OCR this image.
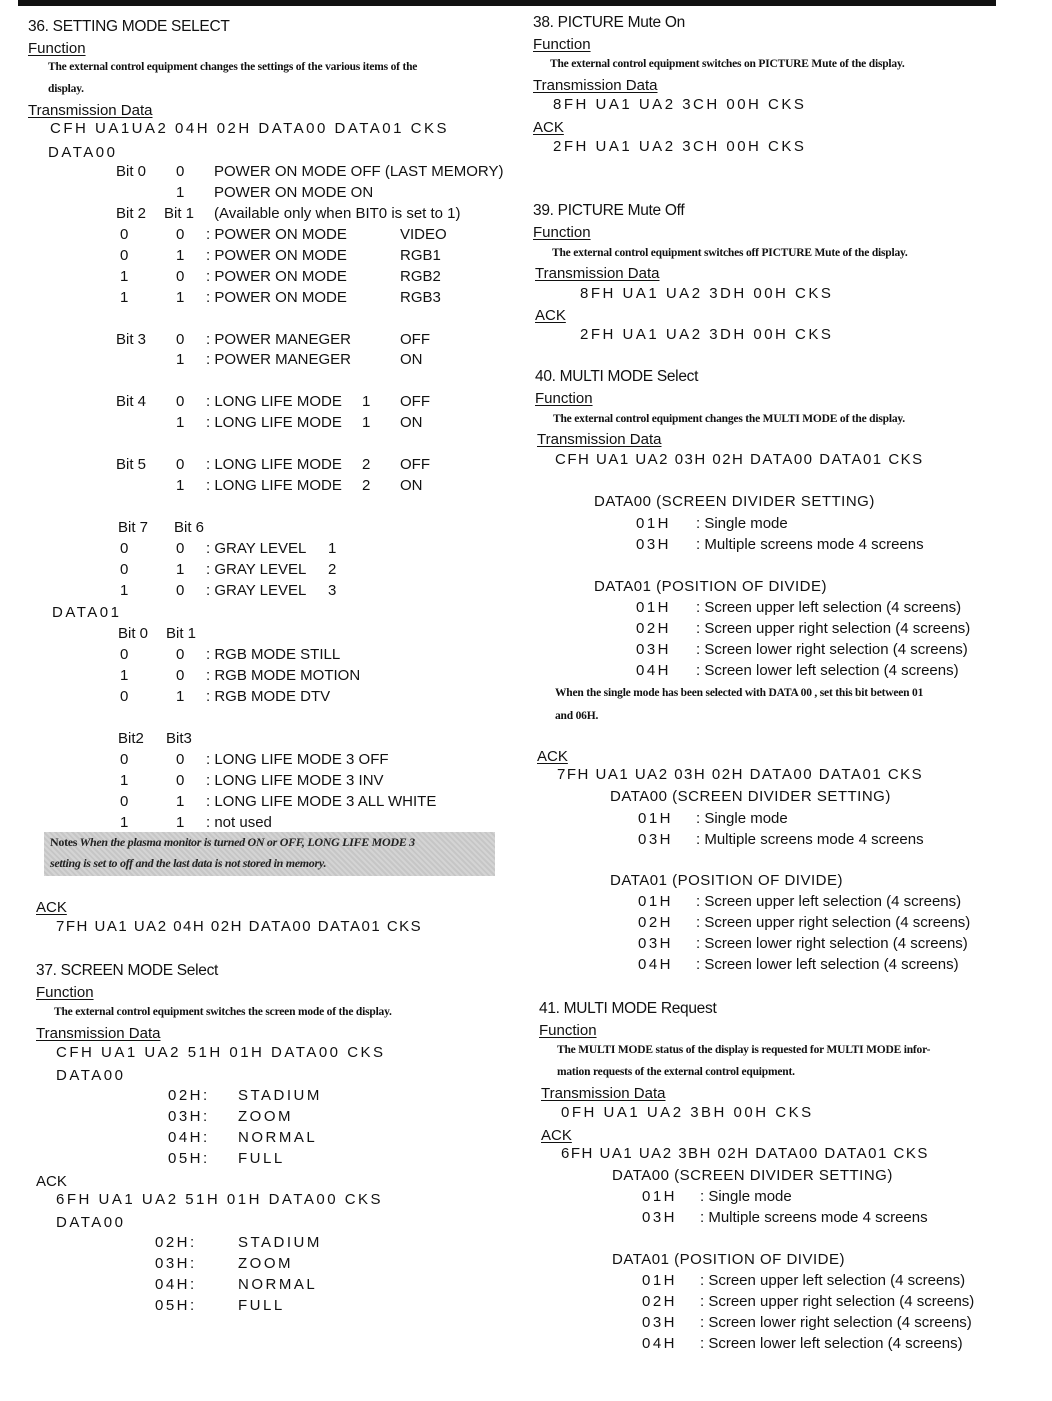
36. SETTING MODE SELECT
Function
The external control equipment changes the settings of the various items of the
display.
Transmission Data
CFH UA1UA2 04H 02H DATA00 DATA01 CKS
DATA00
Bit 0 0 POWER ON MODE OFF (LAST MEMORY)
1 POWER ON MODE ON
Bit 2 Bit 1 (Available only when BIT0 is set to 1)
0	0 : POWER ON MODE	VIDEO
0	1 : POWER ON MODE	RGB1
1	0 : POWER ON MODE	RGB2
1	1 : POWER ON MODE	RGB3
Bit 3 0 : POWER MANEGER	OFF
1 : POWER MANEGER	ON
Bit 4 0 : LONG LIFE MODE 1 OFF
1 : LONG LIFE MODE 1 ON
Bit 5 0 : LONG LIFE MODE 2 OFF
1 : LONG LIFE MODE 2 ON
Bit 7 Bit 6
0	0 : GRAY LEVEL 1
0	1 : GRAY LEVEL 2
1	0 : GRAY LEVEL 3
DATA01
Bit 0 Bit 1
0	0 : RGB MODE STILL
1	0 : RGB MODE MOTION
0	1 : RGB MODE DTV
Bit2 Bit3
0	0 : LONG LIFE MODE 3 OFF
1	0 : LONG LIFE MODE 3 INV
0	1 : LONG LIFE MODE 3 ALL WHITE
1	1 : not used
Notes When the plasma monitor is turned ON or OFF, LONG LIFE MODE 3
setting is set to off and the last data is not stored in memory.
ACK
7FH UA1 UA2 04H 02H DATA00 DATA01 CKS
37. SCREEN MODE Select
Function
The external control equipment switches the screen mode of the display.
Transmission Data
CFH UA1 UA2 51H 01H DATA00 CKS
DATA00
02H: STADIUM
03H: ZOOM
04H: NORMAL
05H: FULL
ACK
6FH UA1 UA2 51H 01H DATA00 CKS
DATA00
02H:	STADIUM
03H:	ZOOM
04H:	NORMAL
05H:	FULL
38. PICTURE Mute On
Function
The external control equipment switches on PICTURE Mute of the display.
Transmission Data
8FH UA1 UA2 3CH 00H CKS
ACK
2FH UA1 UA2 3CH 00H CKS
39. PICTURE Mute Off
Function
The external control equipment switches off PICTURE Mute of the display.
Transmission Data
8FH UA1 UA2 3DH 00H CKS
ACK
2FH UA1 UA2 3DH 00H CKS
40. MULTI MODE Select
Function
The external control equipment changes the MULTI MODE of the display.
Transmission Data
CFH UA1 UA2 03H 02H DATA00 DATA01 CKS
DATA00 (SCREEN DIVIDER SETTING)
01H : Single mode
03H : Multiple screens mode 4 screens
DATA01 (POSITION OF DIVIDE)
01H : Screen upper left selection (4 screens)
02H : Screen upper right selection (4 screens)
03H : Screen lower right selection (4 screens)
04H : Screen lower left selection (4 screens)
When the single mode has been selected with DATA 00 , set this bit between 01
and 06H.
ACK
7FH UA1 UA2 03H 02H DATA00 DATA01 CKS
DATA00 (SCREEN DIVIDER SETTING)
01H : Single mode
03H : Multiple screens mode 4 screens
DATA01 (POSITION OF DIVIDE)
01H : Screen upper left selection (4 screens)
02H : Screen upper right selection (4 screens)
03H : Screen lower right selection (4 screens)
04H : Screen lower left selection (4 screens)
41. MULTI MODE Request
Function
The MULTI MODE status of the display is requested for MULTI MODE infor-
mation requests of the external control equipment.
Transmission Data
0FH UA1 UA2 3BH 00H CKS
ACK
6FH UA1 UA2 3BH 02H DATA00 DATA01 CKS
DATA00 (SCREEN DIVIDER SETTING)
01H : Single mode
03H : Multiple screens mode 4 screens
DATA01 (POSITION OF DIVIDE)
01H : Screen upper left selection (4 screens)
02H : Screen upper right selection (4 screens)
03H : Screen lower right selection (4 screens)
04H : Screen lower left selection (4 screens)
